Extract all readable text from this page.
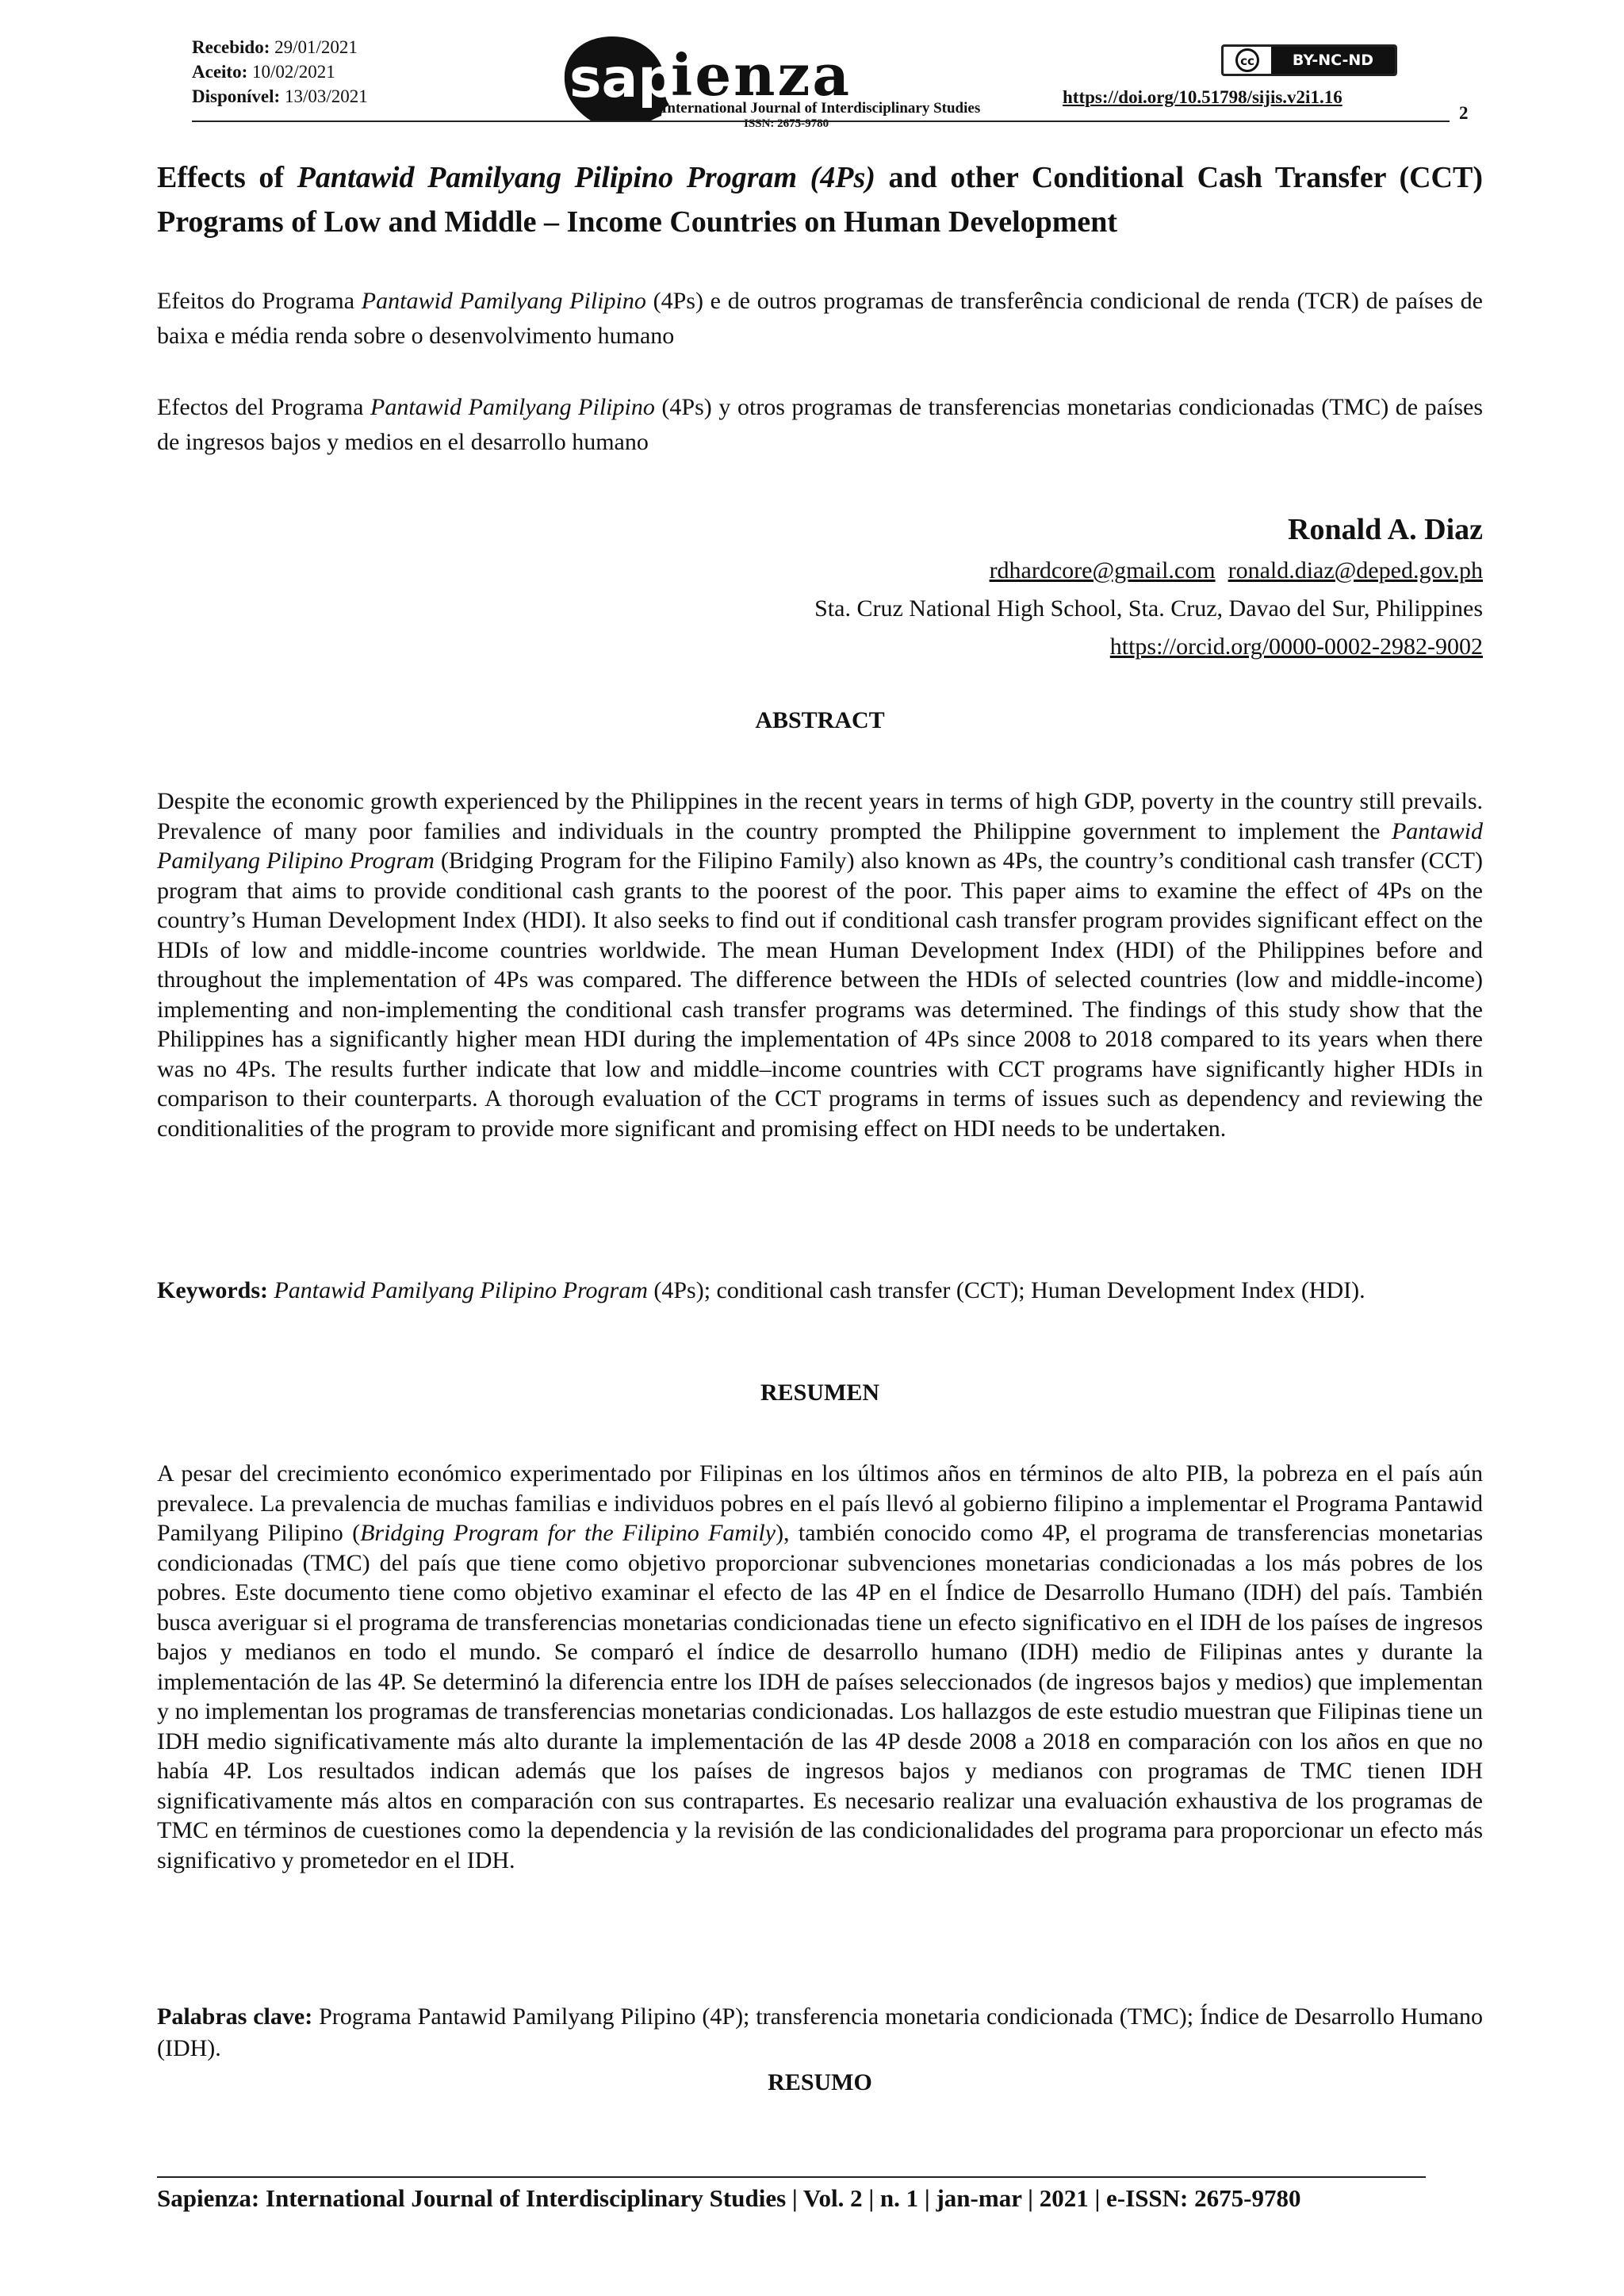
Recebido: 29/01/2021
Aceito: 10/02/2021
Disponível: 13/03/2021	sap
ienza
International Journal of Interdisciplinary Studies
ISSN: 2675-9780
cc	BY-NC-ND
https://doi.org/10.51798/sijis.v2i1.16
2
Effects of Pantawid Pamilyang Pilipino Program (4Ps) and other Conditional Cash Transfer (CCT) Programs of Low and Middle – Income Countries on Human Development

Efeitos do Programa Pantawid Pamilyang Pilipino (4Ps) e de outros programas de transferência condicional de renda (TCR) de países de baixa e média renda sobre o desenvolvimento humano

Efectos del Programa Pantawid Pamilyang Pilipino (4Ps) y otros programas de transferencias monetarias condicionadas (TMC) de países de ingresos bajos y medios en el desarrollo humano

Ronald A. Diaz
rdhardcore@gmail.com ronald.diaz@deped.gov.ph
Sta. Cruz National High School, Sta. Cruz, Davao del Sur, Philippines
https://orcid.org/0000-0002-2982-9002
ABSTRACT

Despite the economic growth experienced by the Philippines in the recent years in terms of high GDP, poverty in the country still prevails. Prevalence of many poor families and individuals in the country prompted the Philippine government to implement the Pantawid Pamilyang Pilipino Program (Bridging Program for the Filipino Family) also known as 4Ps, the country’s conditional cash transfer (CCT) program that aims to provide conditional cash grants to the poorest of the poor. This paper aims to examine the effect of 4Ps on the country’s Human Development Index (HDI). It also seeks to find out if conditional cash transfer program provides significant effect on the HDIs of low and middle-income countries worldwide. The mean Human Development Index (HDI) of the Philippines before and throughout the implementation of 4Ps was compared. The difference between the HDIs of selected countries (low and middle-income) implementing and non-implementing the conditional cash transfer programs was determined. The findings of this study show that the Philippines has a significantly higher mean HDI during the implementation of 4Ps since 2008 to 2018 compared to its years when there was no 4Ps. The results further indicate that low and middle–income countries with CCT programs have significantly higher HDIs in comparison to their counterparts. A thorough evaluation of the CCT programs in terms of issues such as dependency and reviewing the conditionalities of the program to provide more significant and promising effect on HDI needs to be undertaken.

Keywords: Pantawid Pamilyang Pilipino Program (4Ps); conditional cash transfer (CCT); Human Development Index (HDI).

RESUMEN

A pesar del crecimiento económico experimentado por Filipinas en los últimos años en términos de alto PIB, la pobreza en el país aún prevalece. La prevalencia de muchas familias e individuos pobres en el país llevó al gobierno filipino a implementar el Programa Pantawid Pamilyang Pilipino (Bridging Program for the Filipino Family), también conocido como 4P, el programa de transferencias monetarias condicionadas (TMC) del país que tiene como objetivo proporcionar subvenciones monetarias condicionadas a los más pobres de los pobres. Este documento tiene como objetivo examinar el efecto de las 4P en el Índice de Desarrollo Humano (IDH) del país. También busca averiguar si el programa de transferencias monetarias condicionadas tiene un efecto significativo en el IDH de los países de ingresos bajos y medianos en todo el mundo. Se comparó el índice de desarrollo humano (IDH) medio de Filipinas antes y durante la implementación de las 4P. Se determinó la diferencia entre los IDH de países seleccionados (de ingresos bajos y medios) que implementan y no implementan los programas de transferencias monetarias condicionadas. Los hallazgos de este estudio muestran que Filipinas tiene un IDH medio significativamente más alto durante la implementación de las 4P desde 2008 a 2018 en comparación con los años en que no había 4P. Los resultados indican además que los países de ingresos bajos y medianos con programas de TMC tienen IDH significativamente más altos en comparación con sus contrapartes. Es necesario realizar una evaluación exhaustiva de los programas de TMC en términos de cuestiones como la dependencia y la revisión de las condicionalidades del programa para proporcionar un efecto más significativo y prometedor en el IDH.

Palabras clave: Programa Pantawid Pamilyang Pilipino (4P); transferencia monetaria condicionada (TMC); Índice de Desarrollo Humano (IDH).

RESUMO
Sapienza: International Journal of Interdisciplinary Studies | Vol. 2 | n. 1 | jan-mar | 2021 | e-ISSN: 2675-9780
